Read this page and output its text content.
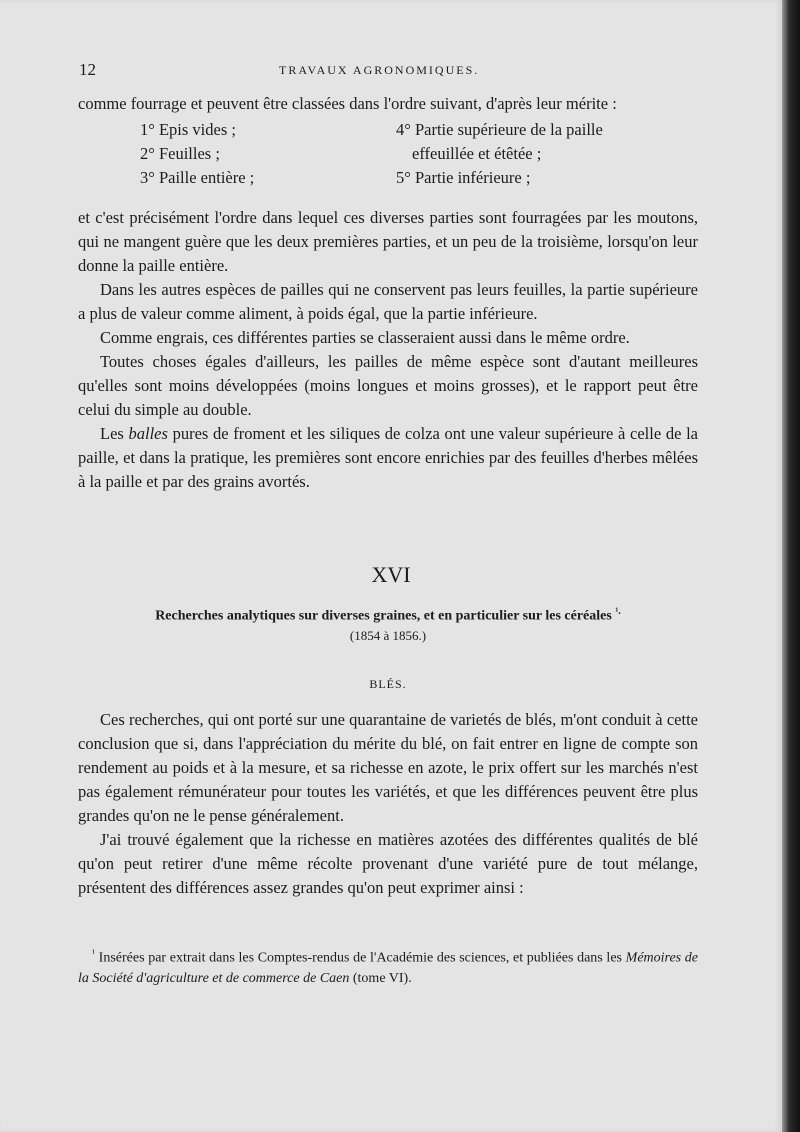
12	TRAVAUX AGRONOMIQUES.

comme fourrage et peuvent être classées dans l'ordre suivant, d'après leur mérite :

1° Epis vides ;
2° Feuilles ;
3° Paille entière ;
4° Partie supérieure de la paille
effeuillée et étêtée ;
5° Partie inférieure ;

et c'est précisément l'ordre dans lequel ces diverses parties sont fourragées par les moutons, qui ne mangent guère que les deux premières parties, et un peu de la troisième, lorsqu'on leur donne la paille entière.

Dans les autres espèces de pailles qui ne conservent pas leurs feuilles, la partie supérieure a plus de valeur comme aliment, à poids égal, que la partie inférieure.

Comme engrais, ces différentes parties se classeraient aussi dans le même ordre.

Toutes choses égales d'ailleurs, les pailles de même espèce sont d'autant meilleures qu'elles sont moins développées (moins longues et moins grosses), et le rapport peut être celui du simple au double.

Les balles pures de froment et les siliques de colza ont une valeur supérieure à celle de la paille, et dans la pratique, les premières sont encore enrichies par des feuilles d'herbes mêlées à la paille et par des grains avortés.

XVI
Recherches analytiques sur diverses graines, et en particulier sur les céréales $^{^1.}$
(1854 à 1856.)
BLÉS.

Ces recherches, qui ont porté sur une quarantaine de varietés de blés, m'ont conduit à cette conclusion que si, dans l'appréciation du mérite du blé, on fait entrer en ligne de compte son rendement au poids et à la mesure, et sa richesse en azote, le prix offert sur les marchés n'est pas également rémunérateur pour toutes les variétés, et que les différences peuvent être plus grandes qu'on ne le pense généralement.

J'ai trouvé également que la richesse en matières azotées des différentes qualités de blé qu'on peut retirer d'une même récolte provenant d'une variété pure de tout mélange, présentent des différences assez grandes qu'on peut exprimer ainsi :

$^{^1}$ Insérées par extrait dans les Comptes-rendus de l'Académie des sciences, et publiées dans les Mémoires de la Société d'agriculture et de commerce de Caen (tome VI).
